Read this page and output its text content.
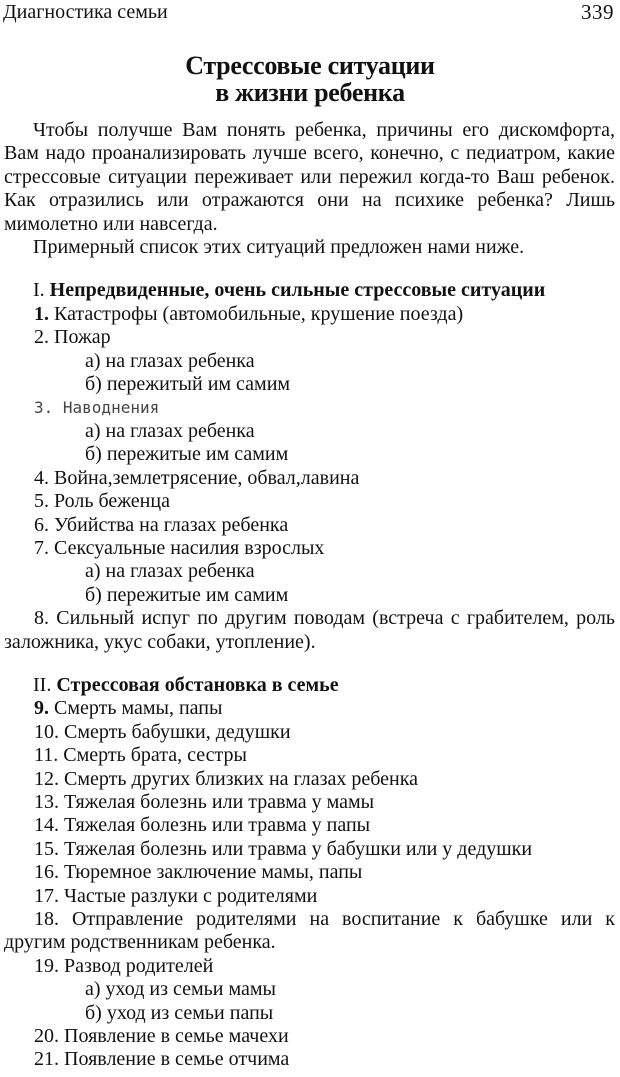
Диагностика семьи	339
Стрессовые ситуации
в жизни ребенка

Чтобы получше Вам понять ребенка, причины его дискомфорта, Вам надо проанализировать лучше всего, конечно, с педиатром, какие стрессовые ситуации переживает или пережил когда-то Ваш ребенок. Как отразились или отражаются они на психике ребенка? Лишь мимолетно или навсегда.

Примерный список этих ситуаций предложен нами ниже.

I. Непредвиденные, очень сильные стрессовые ситуации

1. Катастрофы (автомобильные, крушение поезда)

2. Пожар

а) на глазах ребенка

б) пережитый им самим

3. Наводнения

а) на глазах ребенка

б) пережитые им самим

4. Война,землетрясение, обвал,лавина

5. Роль беженца

6. Убийства на глазах ребенка

7. Сексуальные насилия взрослых

а) на глазах ребенка

б) пережитые им самим

8. Сильный испуг по другим поводам (встреча с грабителем, роль заложника, укус собаки, утопление).

II. Стрессовая обстановка в семье

9. Смерть мамы, папы

10. Смерть бабушки, дедушки

11. Смерть брата, сестры

12. Смерть других близких на глазах ребенка

13. Тяжелая болезнь или травма у мамы

14. Тяжелая болезнь или травма у папы

15. Тяжелая болезнь или травма у бабушки или у дедушки

16. Тюремное заключение мамы, папы

17. Частые разлуки с родителями

18. Отправление родителями на воспитание к бабушке или к другим родственникам ребенка.

19. Развод родителей

а) уход из семьи мамы

б) уход из семьи папы

20. Появление в семье мачехи

21. Появление в семье отчима
